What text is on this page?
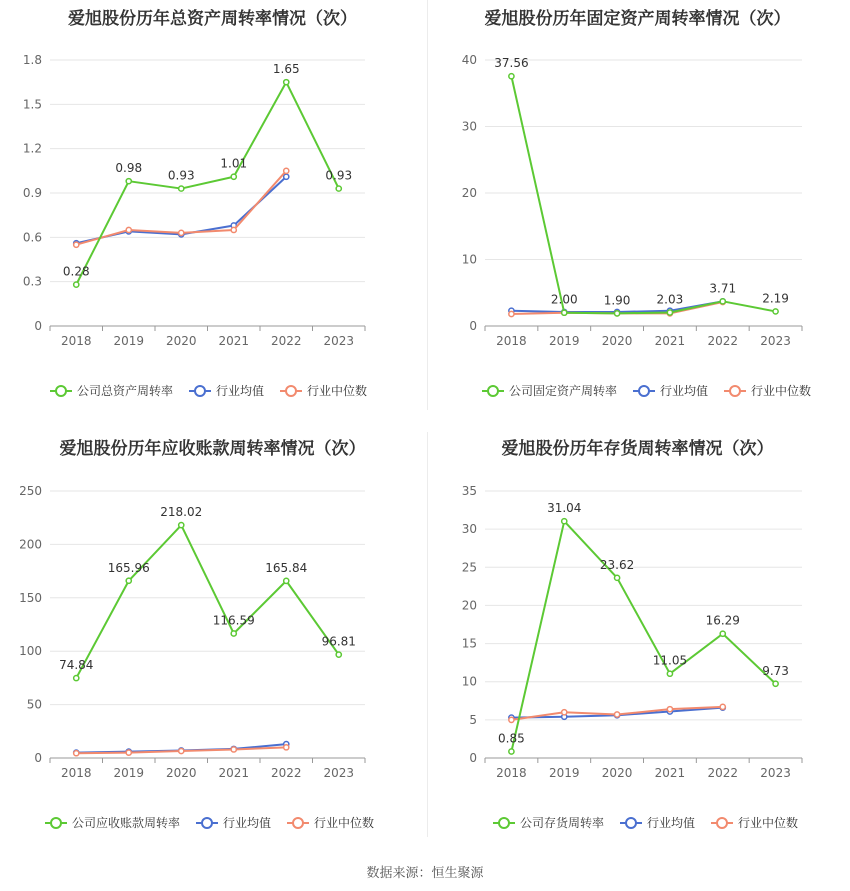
爱旭股份历年总资产周转率情况（次）
0
0.3
0.6
0.9
1.2
1.5
1.8
2018 2019 2020 2021 2022 2023
0.28
0.98
0.93
1.01
1.65
0.93
公司总资产周转率	行业均值	行业中位数
爱旭股份历年固定资产周转率情况（次）
0
10
20
30
40
2018 2019 2020 2021 2022 2023
37.56
2.00 1.90 2.03
3.71
2.19
公司固定资产周转率	行业均值	行业中位数
爱旭股份历年应收账款周转率情况（次）
0
50
100
150
200
250
2018 2019 2020 2021 2022 2023
74.84
165.96
218.02
116.59
165.84
96.81
公司应收账款周转率	行业均值	行业中位数
爱旭股份历年存货周转率情况（次）
0
5
10
15
20
25
30
35
2018 2019 2020 2021 2022 2023
0.85
31.04
23.62
11.05
16.29
9.73
公司存货周转率	行业均值	行业中位数
数据来源：恒生聚源
